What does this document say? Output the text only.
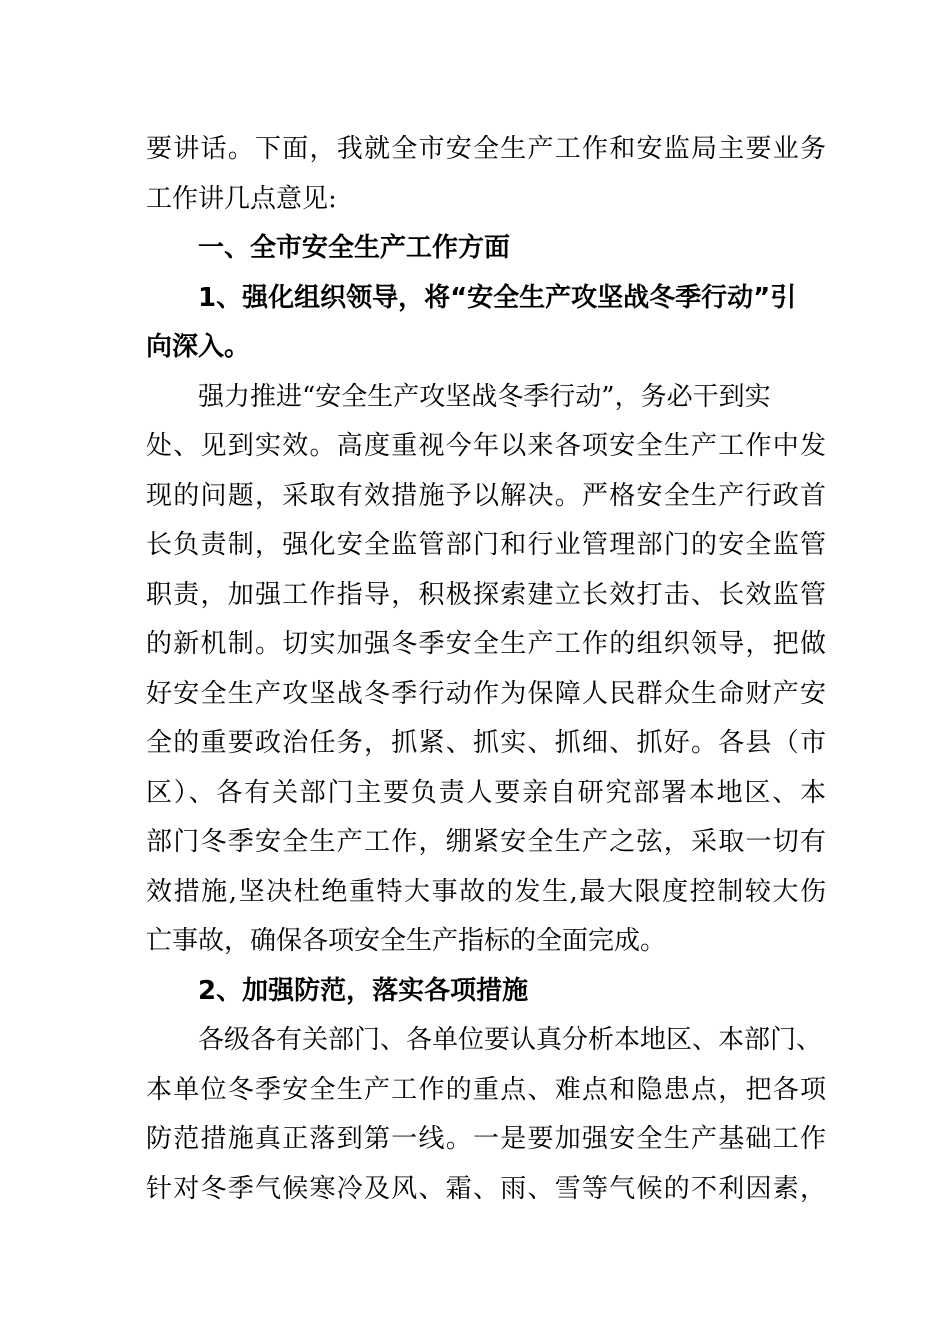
要讲话。下面，我就全市安全生产工作和安监局主要业务
工作讲几点意见:
一、全市安全生产工作方面
1、强化组织领导，将“安全生产攻坚战冬季行动”引
向深入。
强力推进“安全生产攻坚战冬季行动”，务必干到实
处、见到实效。高度重视今年以来各项安全生产工作中发
现的问题，采取有效措施予以解决。严格安全生产行政首
长负责制，强化安全监管部门和行业管理部门的安全监管
职责，加强工作指导，积极探索建立长效打击、长效监管
的新机制。切实加强冬季安全生产工作的组织领导，把做
好安全生产攻坚战冬季行动作为保障人民群众生命财产安
全的重要政治任务，抓紧、抓实、抓细、抓好。各县（市
区）、各有关部门主要负责人要亲自研究部署本地区、本
部门冬季安全生产工作，绷紧安全生产之弦，采取一切有
效措施,坚决杜绝重特大事故的发生,最大限度控制较大伤
亡事故，确保各项安全生产指标的全面完成。
2、加强防范，落实各项措施
各级各有关部门、各单位要认真分析本地区、本部门、
本单位冬季安全生产工作的重点、难点和隐患点，把各项
防范措施真正落到第一线。一是要加强安全生产基础工作
针对冬季气候寒冷及风、霜、雨、雪等气候的不利因素，
